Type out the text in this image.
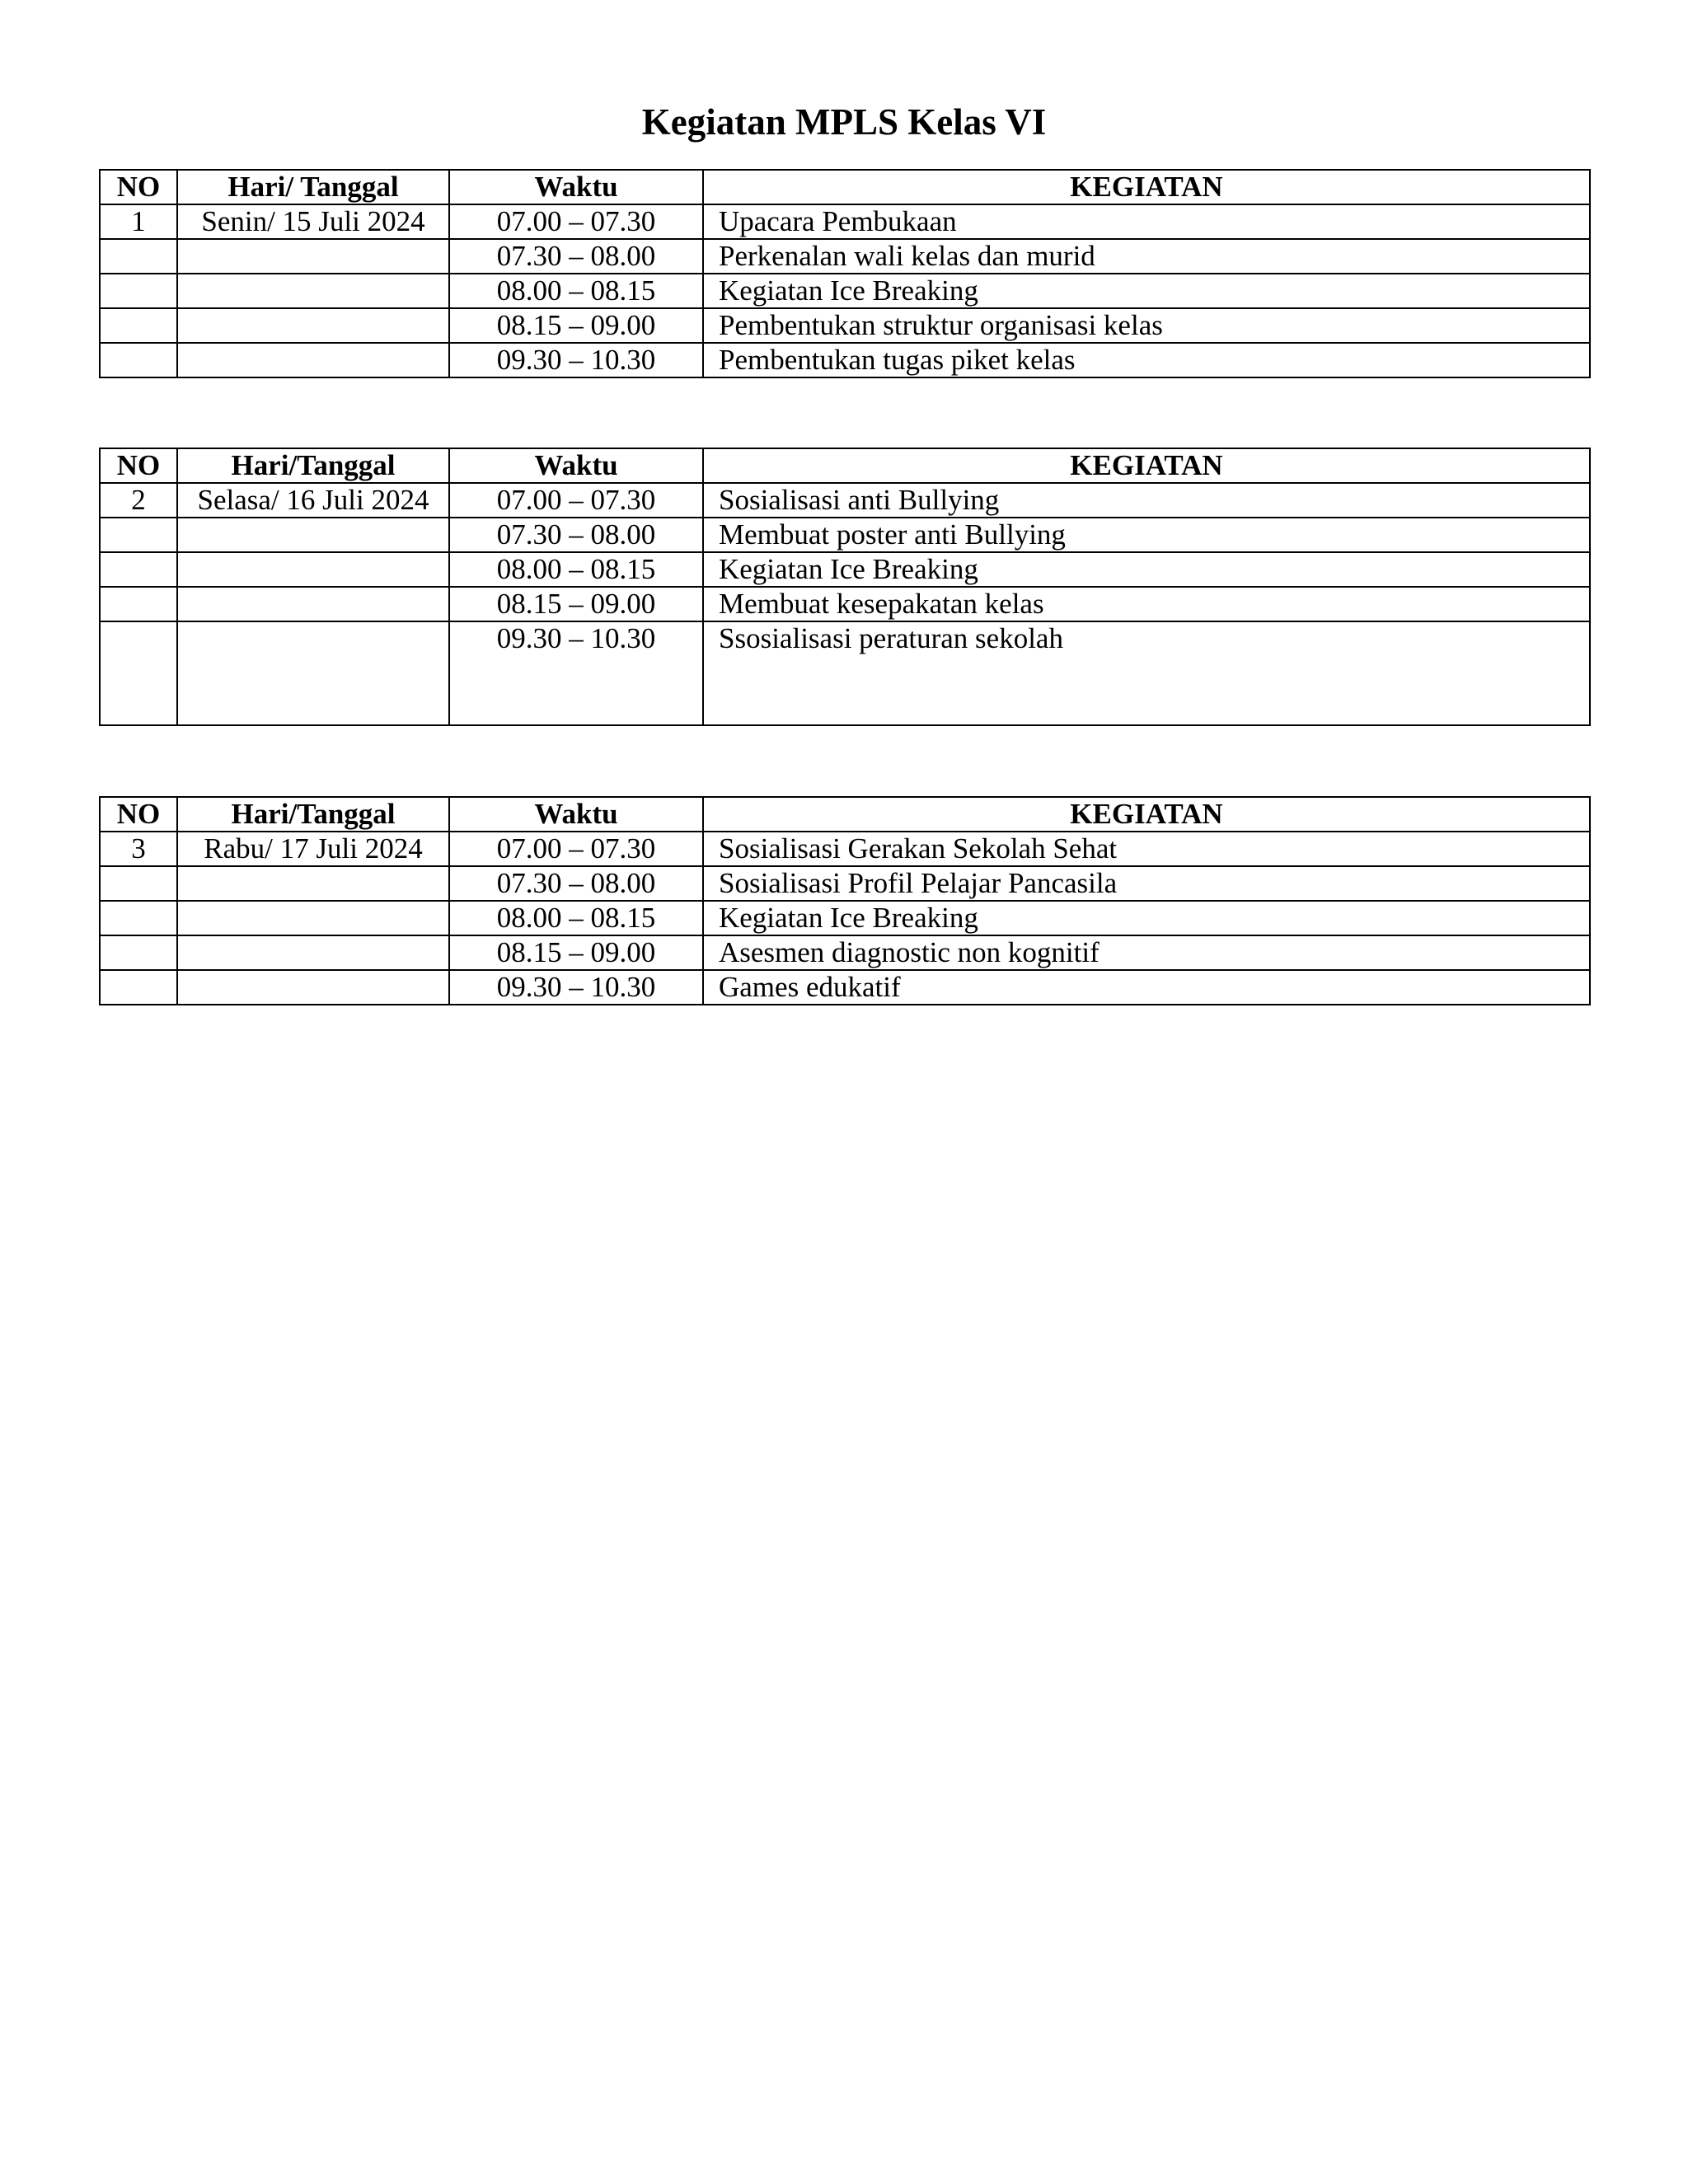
Kegiatan MPLS Kelas VI
NO	Hari/ Tanggal	Waktu	KEGIATAN
1	Senin/ 15 Juli 2024	07.00 – 07.30	Upacara Pembukaan
		07.30 – 08.00	Perkenalan wali kelas dan murid
		08.00 – 08.15	Kegiatan Ice Breaking
		08.15 – 09.00	Pembentukan struktur organisasi kelas
		09.30 – 10.30	Pembentukan tugas piket kelas
NO	Hari/Tanggal	Waktu	KEGIATAN
2	Selasa/ 16 Juli 2024	07.00 – 07.30	Sosialisasi anti Bullying
		07.30 – 08.00	Membuat poster anti Bullying
		08.00 – 08.15	Kegiatan Ice Breaking
		08.15 – 09.00	Membuat kesepakatan kelas
		09.30 – 10.30	Ssosialisasi peraturan sekolah
NO	Hari/Tanggal	Waktu	KEGIATAN
3	Rabu/ 17 Juli 2024	07.00 – 07.30	Sosialisasi Gerakan Sekolah Sehat
		07.30 – 08.00	Sosialisasi Profil Pelajar Pancasila
		08.00 – 08.15	Kegiatan Ice Breaking
		08.15 – 09.00	Asesmen diagnostic non kognitif
		09.30 – 10.30	Games edukatif
